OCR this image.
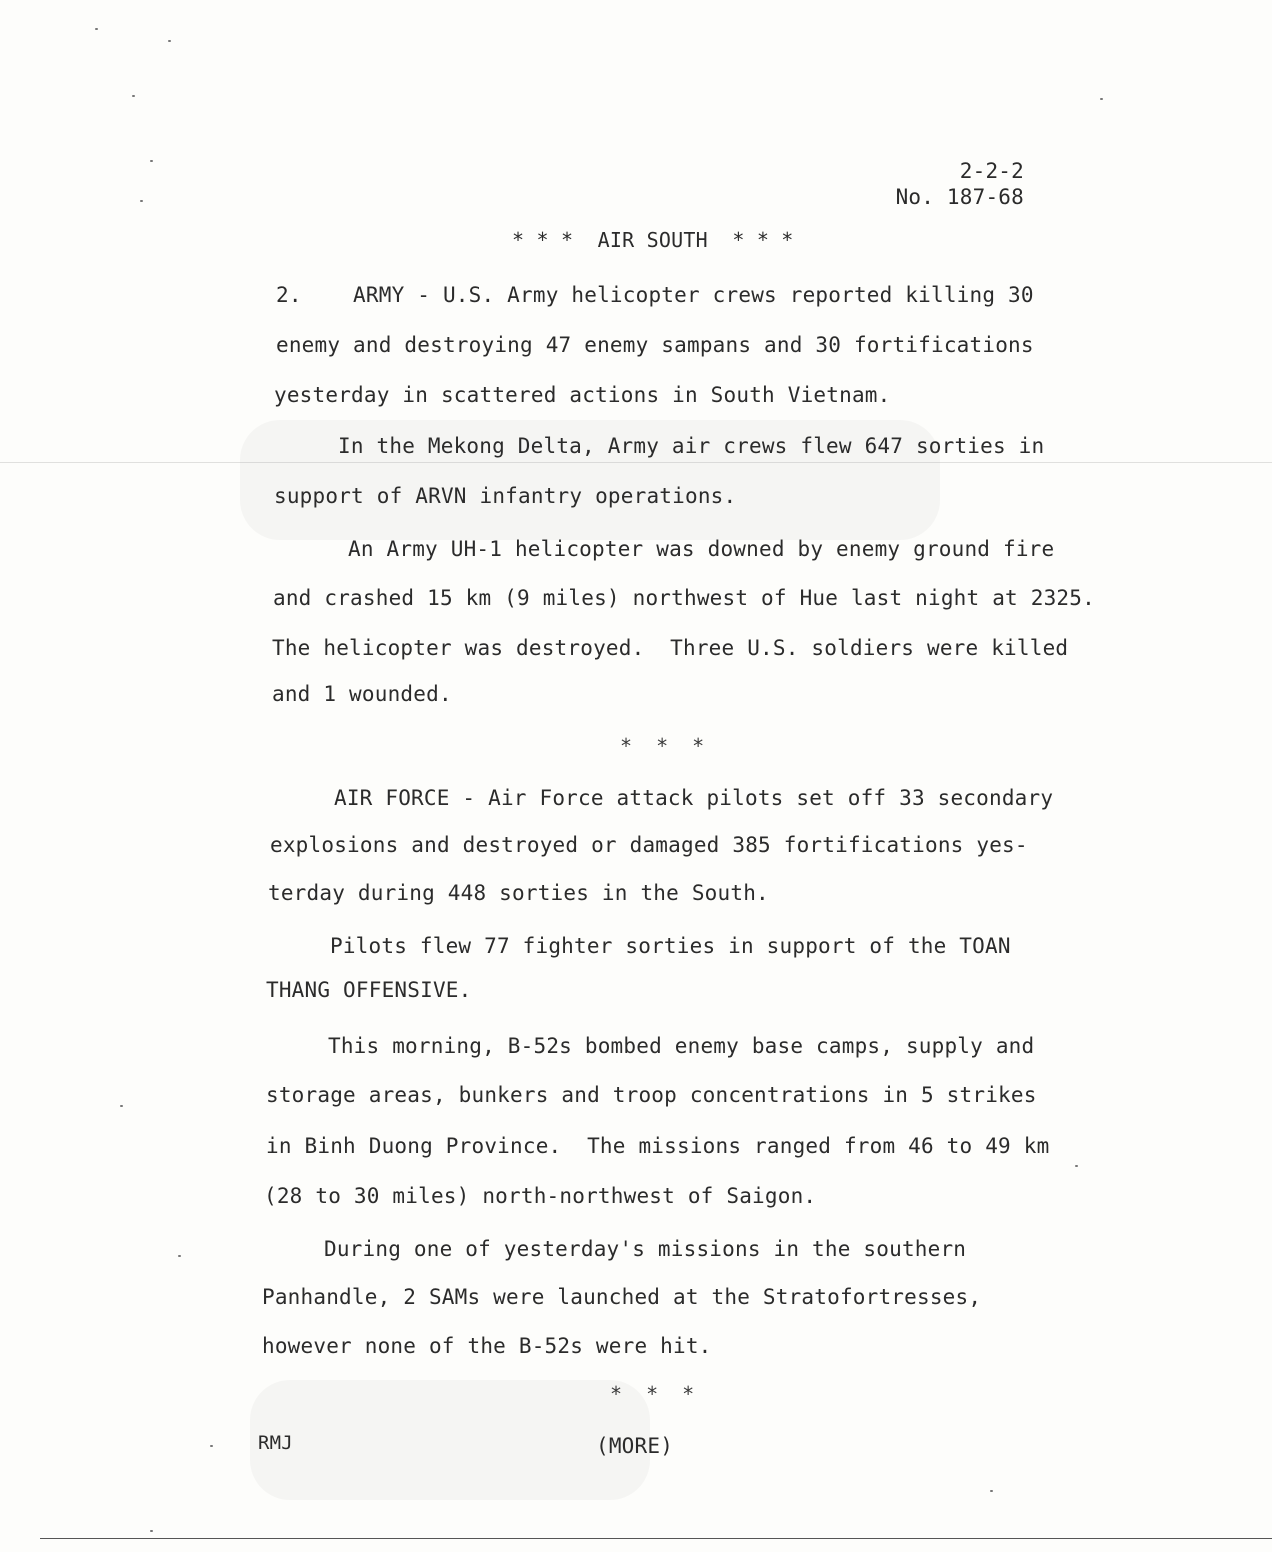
2-2-2
No. 187-68
* * *  AIR SOUTH  * * *
2.    ARMY - U.S. Army helicopter crews reported killing 30
enemy and destroying 47 enemy sampans and 30 fortifications
yesterday in scattered actions in South Vietnam.
In the Mekong Delta, Army air crews flew 647 sorties in
support of ARVN infantry operations.
An Army UH-1 helicopter was downed by enemy ground fire
and crashed 15 km (9 miles) northwest of Hue last night at 2325.
The helicopter was destroyed.  Three U.S. soldiers were killed
and 1 wounded.
* * *
AIR FORCE - Air Force attack pilots set off 33 secondary
explosions and destroyed or damaged 385 fortifications yes-
terday during 448 sorties in the South.
Pilots flew 77 fighter sorties in support of the TOAN
THANG OFFENSIVE.
This morning, B-52s bombed enemy base camps, supply and
storage areas, bunkers and troop concentrations in 5 strikes
in Binh Duong Province.  The missions ranged from 46 to 49 km
(28 to 30 miles) north-northwest of Saigon.
During one of yesterday's missions in the southern
Panhandle, 2 SAMs were launched at the Stratofortresses,
however none of the B-52s were hit.
* * *
RMJ	(MORE)
